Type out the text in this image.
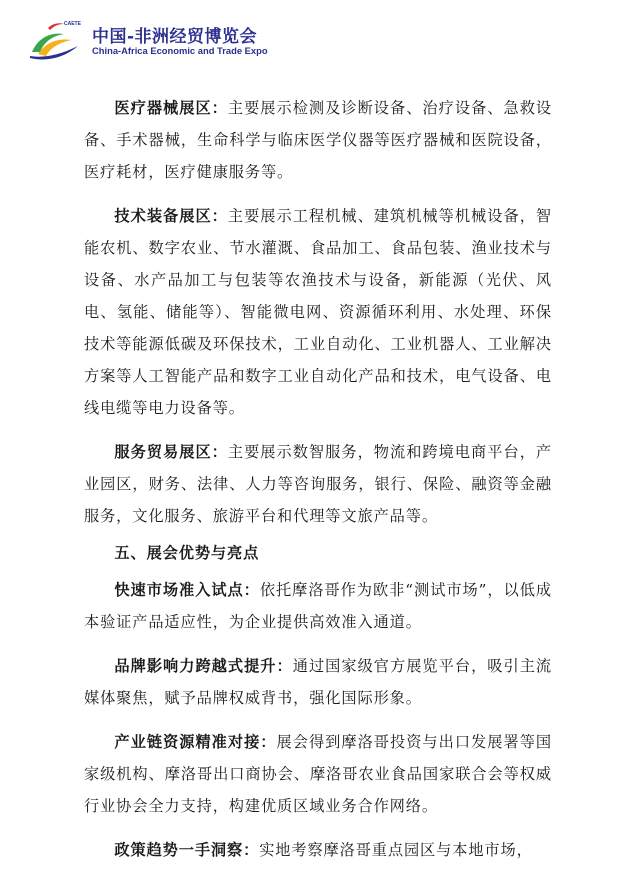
CAETE
中国-非洲经贸博览会
China-Africa Economic and Trade Expo

医疗器械展区：主要展示检测及诊断设备、治疗设备、急救设备、手术器械，生命科学与临床医学仪器等医疗器械和医院设备，医疗耗材，医疗健康服务等。

技术装备展区：主要展示工程机械、建筑机械等机械设备，智能农机、数字农业、节水灌溉、食品加工、食品包装、渔业技术与设备、水产品加工与包装等农渔技术与设备，新能源（光伏、风电、氢能、储能等）、智能微电网、资源循环利用、水处理、环保技术等能源低碳及环保技术，工业自动化、工业机器人、工业解决方案等人工智能产品和数字工业自动化产品和技术，电气设备、电线电缆等电力设备等。

服务贸易展区：主要展示数智服务，物流和跨境电商平台，产业园区，财务、法律、人力等咨询服务，银行、保险、融资等金融服务，文化服务、旅游平台和代理等文旅产品等。

五、展会优势与亮点

快速市场准入试点：依托摩洛哥作为欧非“测试市场”，以低成本验证产品适应性，为企业提供高效准入通道。

品牌影响力跨越式提升：通过国家级官方展览平台，吸引主流媒体聚焦，赋予品牌权威背书，强化国际形象。

产业链资源精准对接：展会得到摩洛哥投资与出口发展署等国家级机构、摩洛哥出口商协会、摩洛哥农业食品国家联合会等权威行业协会全力支持，构建优质区域业务合作网络。

政策趋势一手洞察：实地考察摩洛哥重点园区与本地市场，
